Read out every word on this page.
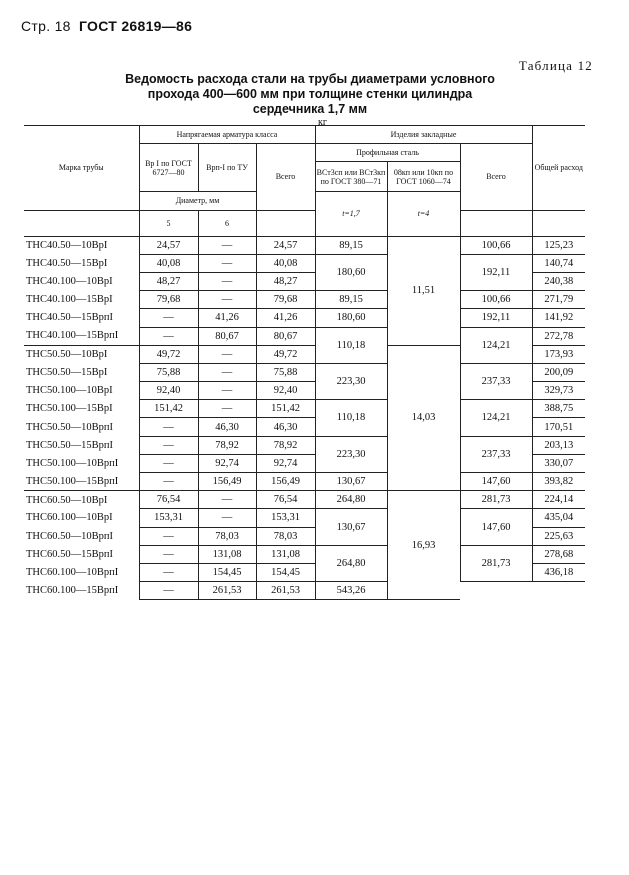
Стр. 18 ГОСТ 26819—86
Таблица 12
Ведомость расхода стали на трубы диаметрами условного прохода 400—600 мм при толщине стенки цилиндра сердечника 1,7 мм
кг
Марка трубы	Напрягаемая арматура класса			Изделия закладные			Общей расход
	Вр I по ГОСТ 6727—80	Врп-I по ТУ	Всего	Профильная сталь		Всего	
				ВСт3сп или ВСт3кп по ГОСТ 380—71	08кп или 10кп по ГОСТ 1060—74		
	Диаметр, мм			t=1,7	t=4		
	5	6					
ТНС40.50—10ВрI	24,57	—	24,57	89,15	11,51	100,66	125,23
ТНС40.50—15ВрI	40,08	—	40,08	180,60		192,11	140,74
ТНС40.100—10ВрI	48,27	—	48,27				240,38
ТНС40.100—15ВрI	79,68	—	79,68	89,15		100,66	271,79
ТНС40.50—15ВрпI	—	41,26	41,26	180,60		192,11	141,92
ТНС40.100—15ВрпI	—	80,67	80,67	110,18		124,21	272,78
ТНС50.50—10ВрI	49,72	—	49,72		14,03		173,93
ТНС50.50—15ВрI	75,88	—	75,88	223,30		237,33	200,09
ТНС50.100—10ВрI	92,40	—	92,40				329,73
ТНС50.100—15ВрI	151,42	—	151,42	110,18		124,21	388,75
ТНС50.50—10ВрпI	—	46,30	46,30				170,51
ТНС50.50—15ВрпI	—	78,92	78,92	223,30		237,33	203,13
ТНС50.100—10ВрпI	—	92,74	92,74				330,07
ТНС50.100—15ВрпI	—	156,49	156,49	130,67		147,60	393,82
ТНС60.50—10ВрI	76,54	—	76,54	264,80	16,93	281,73	224,14
ТНС60.100—10ВрI	153,31	—	153,31	130,67		147,60	435,04
ТНС60.50—10ВрпI	—	78,03	78,03				225,63
ТНС60.50—15ВрпI	—	131,08	131,08	264,80		281,73	278,68
ТНС60.100—10ВрпI	—	154,45	154,45				436,18
ТНС60.100—15ВрпI	—	261,53	261,53	543,26			
